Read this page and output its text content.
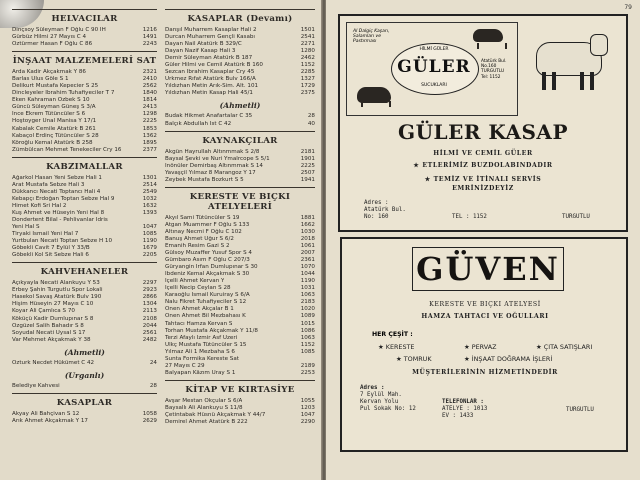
HELVACILAR
Dinçsoy Süleyman F Oğlu C 90 İH	1216
Gürbüz Hilmi 27 Mayıs C 4	1491
Öztürmer Hasan F Oğlu C 86	2243
İNŞAAT MALZEMELERİ SAT
Arda Kadir Akçakmak Y 86	2321
Barlas Ulus Göle S 1	2410
Delikurt Mustafa Kepecier S 25	2562
Dincleyeler İbrahim Tuhafiyeciler T 7	1840
Eken Kahraman Ozbek S 10	1814
Güncü Süleyman Güneş S 3/A	2413
İnce Ekrem Tütüncüler S 6	1298
Hoştoyger Ünal Manisa Y 17/1	2225
Kabalak Cemile Atatürk B 261	1853
Kabaçol Erdinç Tütüncüler S 28	1362
Köroğlu Kemal Atatürk B 258	1895
Zümbülcan Mehmet Tenekeciler Cry 16	2377
KABZIMALLAR
Ağarkol Hasan Yeni Sebze Hali 1	1301
Arat Mustafa Sebze Hali 3	2514
Dükkancı Necati Toptancı Hali 4	2549
Kebapçı Erdoğan Toptan Sebze Hal 9	1032
Himet Kofi Sri Hal 2	1632
Kuş Ahmet ve Hüseyin Yeni Hal 8	1393
Dondertent Bilal - Pehlivanlar İdris
Yeni Hal S	1047
Tiryaki İsmail Yeni Hal 7	1085
Yurtbulan Necati Toptan Sebze H 10	1190
Göbekli Cavit 7 Eylül Y 33/B	1679
Göbekli Kol Sit Sebze Hali 6	2205
KAHVEHANELER
Açıkyayla Necati Alankuyu Y 53	2297
Erbey Şahin Turgutlu Spor Lokali	2923
Hasekol Savaş Atatürk Bulv 190	2866
Hişim Hüseyin 27 Mayıs C 10	1304
Koyar Ali Çamlıca S 70	2113
Köküçü Kadir Dumlupınar S 8	2108
Özgüzel Salih Bahadır S 8	2044
Soyudal Necati Uysal S 17	2561
Var Mehmet Akçakmak Y 38	2482
(Ahmetli)
Ozturk Necdet Hükümet C 42	24
(Urganlı)
Belediye Kahvesi	28
KASAPLAR
Akyay Ali Bahçivan S 12	1058
Arık Ahmet Akçakmak Y 17	2629
KASAPLAR (Devamı)
Danşıl Muharrem Kasaplar Hali 2	1501
Durcan Muharrem Gençli Kasabı	2541
Dayan Nail Atatürk B 329/C	2271
Dayan Nazif Kasap Hali 3	1280
Demir Süleyman Atatürk B 187	2462
Güler Hilmi ve Cemil Atatürk B 160	1152
Sezcan İbrahim Kasaplar Cry 45	2285
Ürkmez Rıfat Atatürk Bulv 166/A	1327
Yıldızhan Metin Arık-Sim. Alt. 101	1729
Yıldızhan Metin Kasap Hali 45/1	2375
(Ahmetli)
Budak Hikmet Anafartalar C 35	28
Balçık Abdullah İst C 42	40
KAYNAKÇILAR
Akgün Hayrullah Altınmmak S 2/8	2181
Baysal Şevki ve Nuri Ymalrcope S 5/1	1901
İnönüler Demirbaş Altınmmak S 14	2225
Yavaşçil Yılmaz 8 Marangoz Y 17	2507
Zeybek Mustafa Bozkurt S 5	1941
KERESTE VE BIÇKI ATELYELERİ
Akyıl Sami Tütüncüler S 19	1881
Atgan Muammer F Oğlu S 133	1662
Altınay Necmi F Oğlu C 102	1030
Banuş Ahmet Uğur S 6/2	2018
Emanih Resim Gazi S 2	1061
Gülsoy Muzaffer Yusuf Spor S 4	2007
Gümbaro Asım F Oğlu C 207/3	2361
Güryangin İrfan Dumlupınar S 30	1070
İbdeniz Kemal Akçakmak S 30	1044
İçelli Ahmet Kervan Y	1190
İçelli Necip Ceylan S 28	1031
Karaoğlu İsmail Kuruiray S 6/A	1063
Nalu Fikret Tuhafiyeciler S 12	2183
Önen Ahmet Akçalar B 1	1020
Önen Ahmet Bil Mezbahası K	1089
Tahtacı Hamza Kervan S	1015
Torhan Mustafa Akçakmak Y 11/8	1086
Terzi Afaylı İzmir Asf Üzeri	1063
Ülkç Mustafa Tütüncüler S 15	1152
Yılmaz Ali 1 Mezbaha S 6	1085
Sunta Formika Kereste Sat
27 Mayıs C 29	2189
Balyapan Kâzım Uray S 1	2253
KİTAP VE KIRTASİYE
Avşar Mestan Okçular S 6/A	1055
Baysallı Ali Alankuyu S 11/8	1203
Çetintabak Hüsnü Akçakmak Y 44/7	1047
Demirel Ahmet Atatürk B 222	2290
79
Al Dalgiç Kaşarı, Salamları ve Pastırması
HİLMİ GÜLER
GÜLER
SUCUKLARI
Atatürk Bul.
No.160 TURGUTLU
Tel: 1152
GÜLER KASAP
HİLMİ VE CEMİL GÜLER
★ ETLERİMİZ BUZDOLABINDADIR
★ TEMİZ VE İTİNALI SERVİS
EMRİNİZDEYİZ
Adres :
Atatürk Bul.
No: 160	TEL : 1152	TURGUTLU
GÜVEN
KERESTE VE BIÇKI ATELYESİ
HAMZA TAHTACI VE OĞULLARI
HER ÇEŞİT :
★ KERESTE	★ PERVAZ	★ ÇITA SATIŞLARI
★ TOMRUK	★ İNŞAAT DOĞRAMA İŞLERİ
MÜŞTERİLERİNİN HİZMETİNDEDİR
Adres :
7 Eylül Mah.
Kervan Yolu
Pul Sokak No: 12
TELEFONLAR :
ATELYE : 1013
EV : 1433
TURGUTLU
